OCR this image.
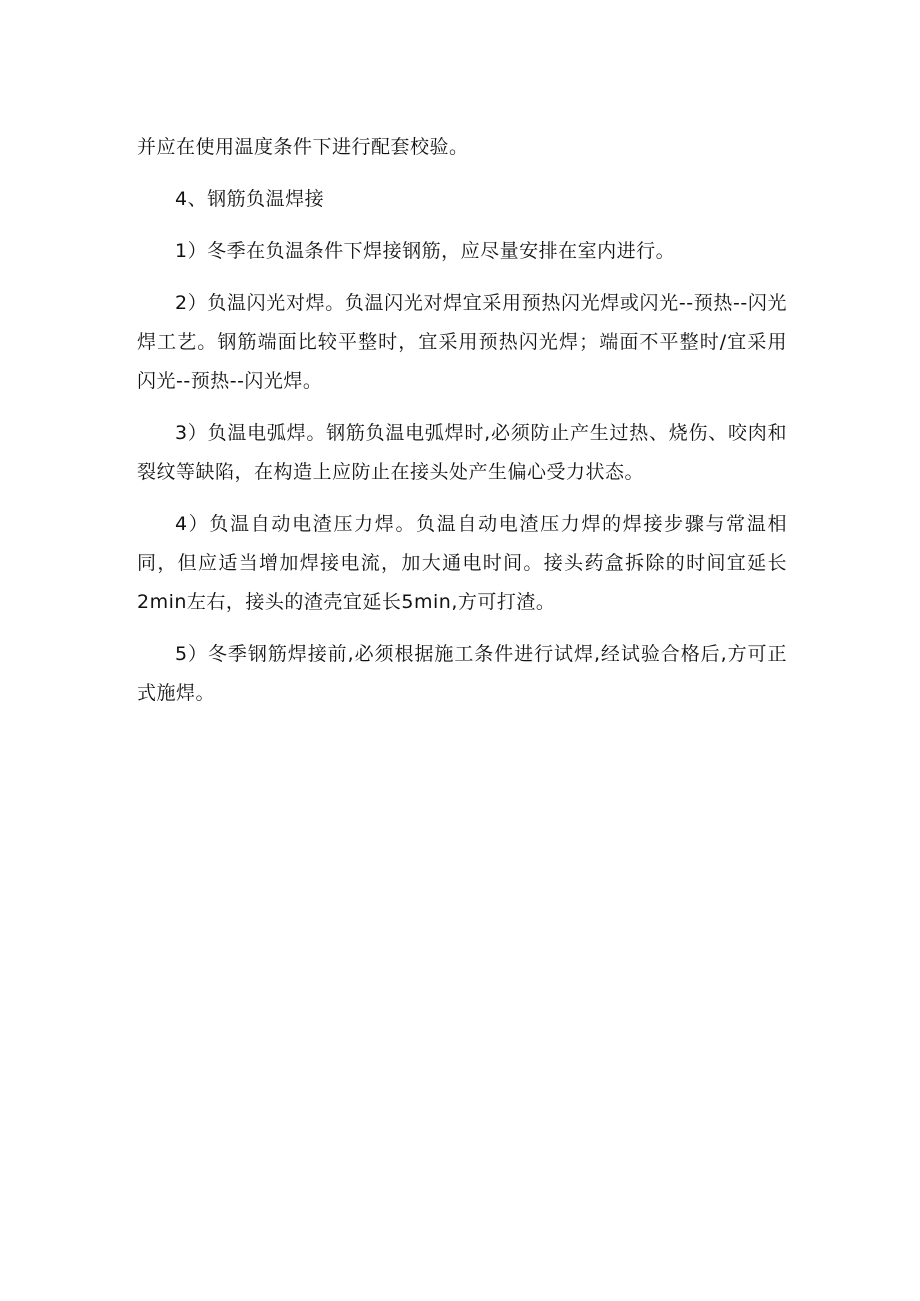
并应在使用温度条件下进行配套校验。

4、钢筋负温焊接

1）冬季在负温条件下焊接钢筋，应尽量安排在室内进行。

2）负温闪光对焊。负温闪光对焊宜采用预热闪光焊或闪光--预热--闪光焊工艺。钢筋端面比较平整时，宜采用预热闪光焊；端面不平整时/宜采用闪光--预热--闪光焊。

3）负温电弧焊。钢筋负温电弧焊时,必须防止产生过热、烧伤、咬肉和裂纹等缺陷，在构造上应防止在接头处产生偏心受力状态。

4）负温自动电渣压力焊。负温自动电渣压力焊的焊接步骤与常温相同，但应适当增加焊接电流，加大通电时间。接头药盒拆除的时间宜延长2min左右，接头的渣壳宜延长5min,方可打渣。

5）冬季钢筋焊接前,必须根据施工条件进行试焊,经试验合格后,方可正式施焊。
